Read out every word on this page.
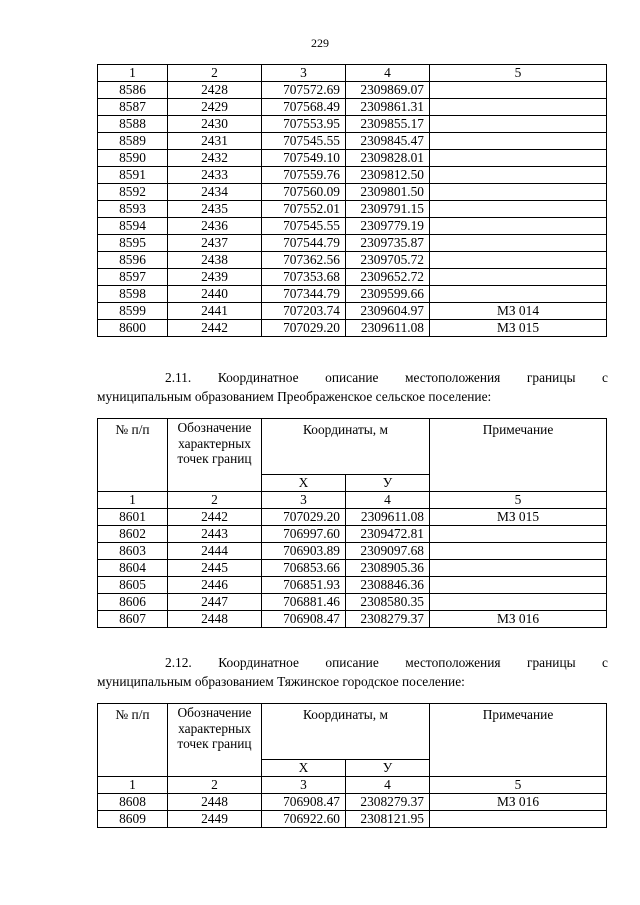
229
1	2	3	4	5
8586	2428	707572.69	2309869.07	
8587	2429	707568.49	2309861.31	
8588	2430	707553.95	2309855.17	
8589	2431	707545.55	2309845.47	
8590	2432	707549.10	2309828.01	
8591	2433	707559.76	2309812.50	
8592	2434	707560.09	2309801.50	
8593	2435	707552.01	2309791.15	
8594	2436	707545.55	2309779.19	
8595	2437	707544.79	2309735.87	
8596	2438	707362.56	2309705.72	
8597	2439	707353.68	2309652.72	
8598	2440	707344.79	2309599.66	
8599	2441	707203.74	2309604.97	МЗ 014
8600	2442	707029.20	2309611.08	МЗ 015
2.11. Координатное описание местоположения границы с
муниципальным образованием Преображенское сельское поселение:
№ п/п	Обозначение
характерных
точек границ	Координаты, м		Примечание
		Х	У	
1	2	3	4	5
8601	2442	707029.20	2309611.08	МЗ 015
8602	2443	706997.60	2309472.81	
8603	2444	706903.89	2309097.68	
8604	2445	706853.66	2308905.36	
8605	2446	706851.93	2308846.36	
8606	2447	706881.46	2308580.35	
8607	2448	706908.47	2308279.37	МЗ 016
2.12. Координатное описание местоположения границы с
муниципальным образованием Тяжинское городское поселение:
№ п/п	Обозначение
характерных
точек границ	Координаты, м		Примечание
		Х	У	
1	2	3	4	5
8608	2448	706908.47	2308279.37	МЗ 016
8609	2449	706922.60	2308121.95	
